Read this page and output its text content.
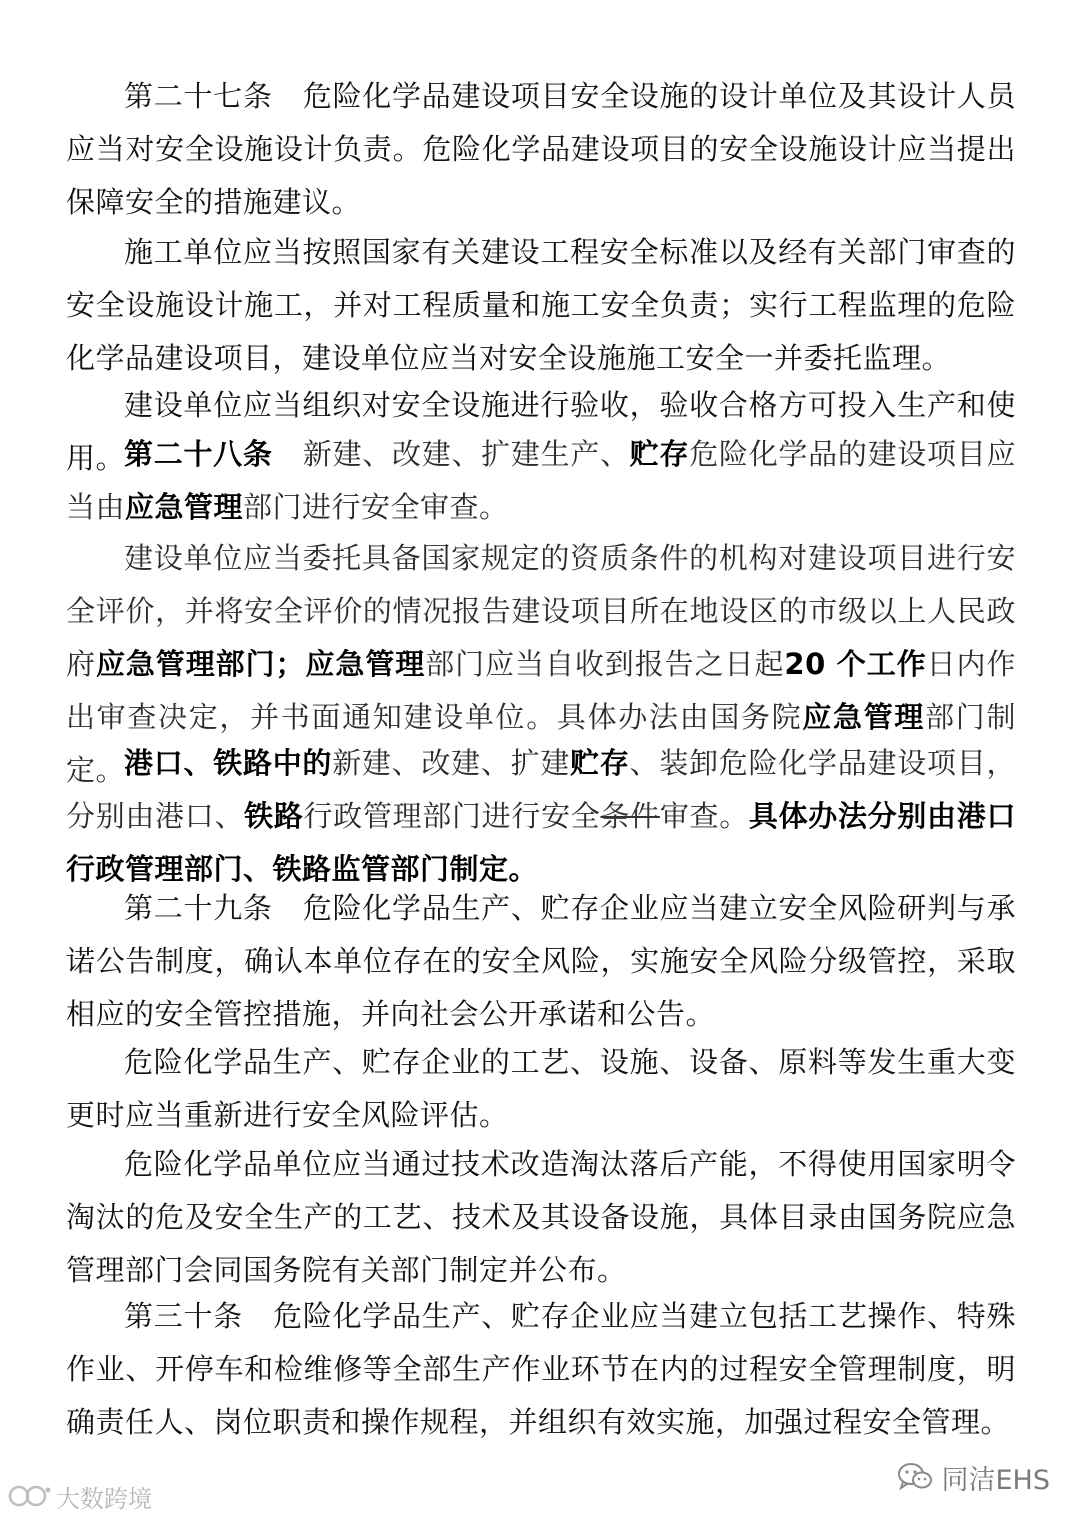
第二十七条 危险化学品建设项目安全设施的设计单位及其设计人员应当对安全设施设计负责。危险化学品建设项目的安全设施设计应当提出保障安全的措施建议。
施工单位应当按照国家有关建设工程安全标准以及经有关部门审查的安全设施设计施工，并对工程质量和施工安全负责；实行工程监理的危险化学品建设项目，建设单位应当对安全设施施工安全一并委托监理。
建设单位应当组织对安全设施进行验收，验收合格方可投入生产和使用。
第二十八条 新建、改建、扩建生产、贮存危险化学品的建设项目应当由应急管理部门进行安全审查。
建设单位应当委托具备国家规定的资质条件的机构对建设项目进行安全评价，并将安全评价的情况报告建设项目所在地设区的市级以上人民政府应急管理部门；应急管理部门应当自收到报告之日起20 个工作日内作出审查决定，并书面通知建设单位。具体办法由国务院应急管理部门制定。
港口、铁路中的新建、改建、扩建贮存、装卸危险化学品建设项目，分别由港口、铁路行政管理部门进行安全条件审查。具体办法分别由港口行政管理部门、铁路监管部门制定。
第二十九条 危险化学品生产、贮存企业应当建立安全风险研判与承诺公告制度，确认本单位存在的安全风险，实施安全风险分级管控，采取相应的安全管控措施，并向社会公开承诺和公告。
危险化学品生产、贮存企业的工艺、设施、设备、原料等发生重大变更时应当重新进行安全风险评估。
危险化学品单位应当通过技术改造淘汰落后产能，不得使用国家明令淘汰的危及安全生产的工艺、技术及其设备设施，具体目录由国务院应急管理部门会同国务院有关部门制定并公布。
第三十条 危险化学品生产、贮存企业应当建立包括工艺操作、特殊作业、开停车和检维修等全部生产作业环节在内的过程安全管理制度，明确责任人、岗位职责和操作规程，并组织有效实施，加强过程安全管理。
大数跨境
同洁EHS
